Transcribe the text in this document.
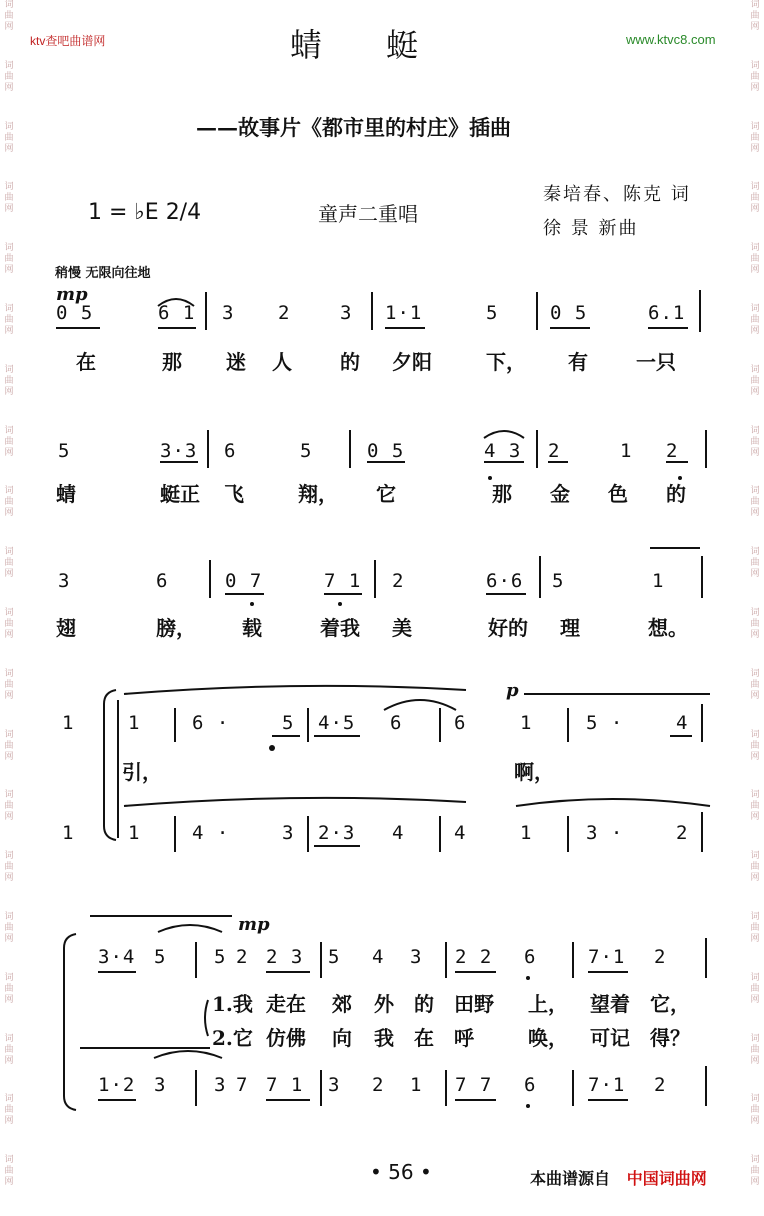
词
曲
网
词
曲
网
词
曲
网
词
曲
网
词
曲
网
词
曲
网
词
曲
网
词
曲
网
词
曲
网
词
曲
网
词
曲
网
词
曲
网
词
曲
网
词
曲
网
词
曲
网
词
曲
网
词
曲
网
词
曲
网
词
曲
网
词
曲
网
词
曲
网
词
曲
网
词
曲
网
词
曲
网
词
曲
网
词
曲
网
词
曲
网
词
曲
网
词
曲
网
词
曲
网
词
曲
网
词
曲
网
词
曲
网
词
曲
网
词
曲
网
词
曲
网
词
曲
网
词
曲
网
词
曲
网
词
曲
网
ktv查吧曲谱网	www.ktvc8.com
蜻蜓
——故事片《都市里的村庄》插曲
1 = ♭E 2/4	童声二重唱
秦培春、陈克 词
徐 景 新曲
稍慢 无限向往地
mp
0 5	6 1 3 2	3 1·1	5	0 5	6.1
在	那 迷 人 的 夕阳	下， 有 一只
5	3·3 6	5	0 5	4 3 2	1 2
蜻	蜓正 飞	翔， 它	那 金 色 的
3	6	0 7	7 1 2	6·6 5	1
翅	膀， 载	着我 美	好的 理	想。
p
1	1	6 ·	5 4·5 6	6	1	5 ·	4
1	1	4 ·	3 2·3 4	4	1	3 ·	2
引，	啊，
mp
3·4 5	5 2 2 3 5 4 3 2 2 6	7·1 2
1·2 3	3 7 7 1 3 2 1 7 7 6	7·1 2
1.我 走在 郊 外 的 田野 上， 望着 它，
2.它 仿佛 向 我 在 呼	唤， 可记 得？
• 56 •	本曲谱源自 中国词曲网
